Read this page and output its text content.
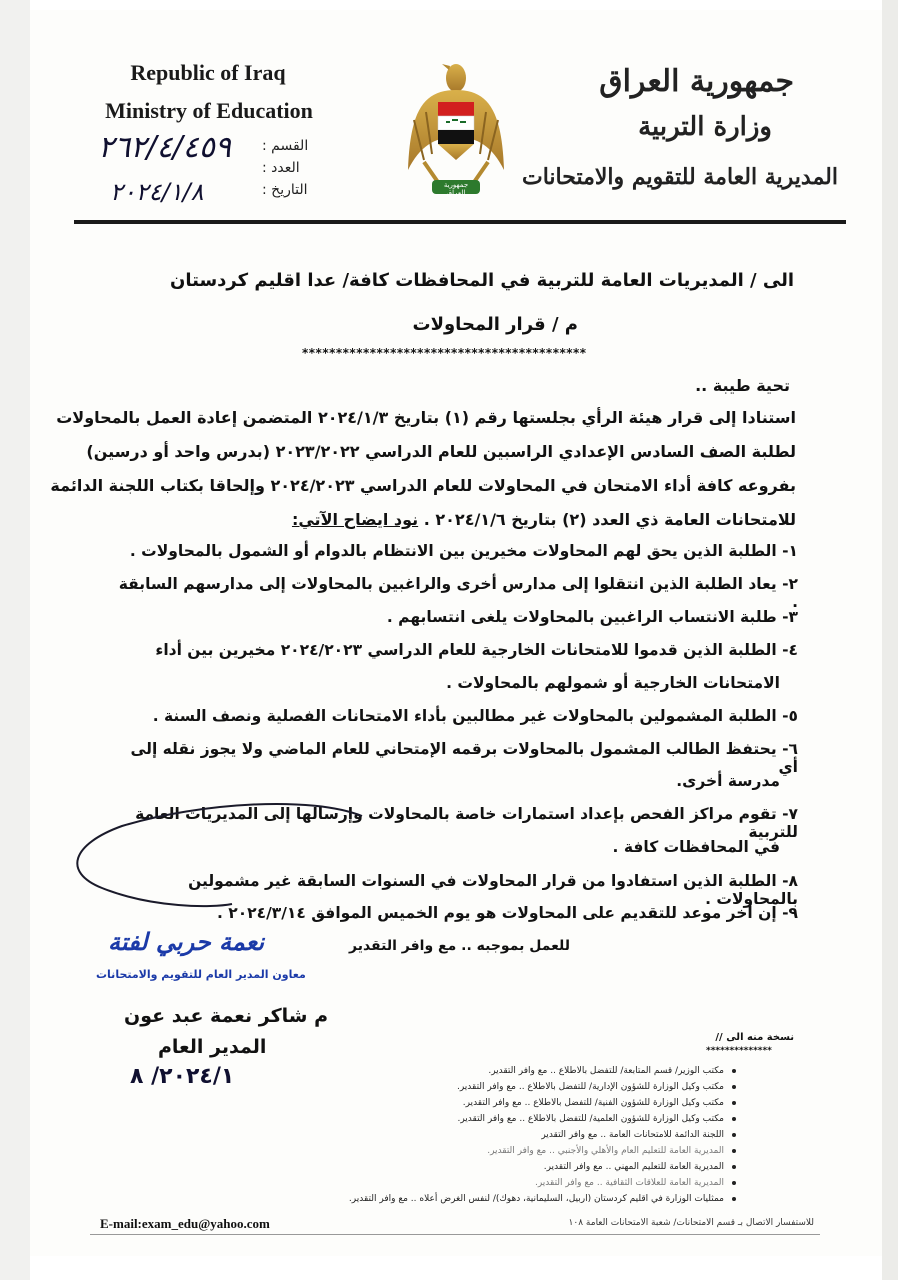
Republic of Iraq
Ministry of Education
القسم :
العدد :
التاريخ :
٢٦٢/٤/٤٥٩
٢٠٢٤/١/٨	جمهورية العراق
جمهورية العراق
وزارة التربية
المديرية العامة للتقويم والامتحانات
الى / المديريات العامة للتربية في المحافظات كافة/ عدا اقليم كردستان
م / قرار المحاولات
******************************************
تحية طيبة ..
استنادا إلى قرار هيئة الرأي بجلستها رقم (١) بتاريخ ٢٠٢٤/١/٣ المتضمن إعادة العمل بالمحاولات
لطلبة الصف السادس الإعدادي الراسبين للعام الدراسي ٢٠٢٣/٢٠٢٢ (بدرس واحد أو درسين)
بفروعه كافة أداء الامتحان في المحاولات للعام الدراسي ٢٠٢٤/٢٠٢٣ وإلحاقا بكتاب اللجنة الدائمة
للامتحانات العامة ذي العدد (٢) بتاريخ ٢٠٢٤/١/٦ . نود ايضاح الآتي:
١- الطلبة الذين يحق لهم المحاولات مخيرين بين الانتظام بالدوام أو الشمول بالمحاولات .
٢- يعاد الطلبة الذين انتقلوا إلى مدارس أخرى والراغبين بالمحاولات إلى مدارسهم السابقة .
٣- طلبة الانتساب الراغبين بالمحاولات يلغى انتسابهم .
٤- الطلبة الذين قدموا للامتحانات الخارجية للعام الدراسي ٢٠٢٤/٢٠٢٣ مخيرين بين أداء
الامتحانات الخارجية أو شمولهم بالمحاولات .
٥- الطلبة المشمولين بالمحاولات غير مطالبين بأداء الامتحانات الفصلية ونصف السنة .
٦- يحتفظ الطالب المشمول بالمحاولات برقمه الإمتحاني للعام الماضي ولا يجوز نقله إلى أي
مدرسة أخرى.
٧- تقوم مراكز الفحص بإعداد استمارات خاصة بالمحاولات وإرسالها إلى المديريات العامة للتربية
في المحافظات كافة .
٨- الطلبة الذين استفادوا من قرار المحاولات في السنوات السابقة غير مشمولين بالمحاولات .
٩- إن اخر موعد للتقديم على المحاولات هو يوم الخميس الموافق ٢٠٢٤/٣/١٤ .
للعمل بموجبه .. مع وافر التقدير
نعمة حربي لفتة
معاون المدير العام للتقويم والامتحانات
م شاكر نعمة عبد عون
المدير العام
٢٠٢٤/١/ ٨
نسخة منه الى //
**************
مكتب الوزير/ قسم المتابعة/ للتفضل بالاطلاع .. مع وافر التقدير.
مكتب وكيل الوزارة للشؤون الإدارية/ للتفضل بالاطلاع .. مع وافر التقدير.
مكتب وكيل الوزارة للشؤون الفنية/ للتفضل بالاطلاع .. مع وافر التقدير.
مكتب وكيل الوزارة للشؤون العلمية/ للتفضل بالاطلاع .. مع وافر التقدير.
اللجنة الدائمة للامتحانات العامة .. مع وافر التقدير
المديرية العامة للتعليم العام والأهلي والأجنبي .. مع وافر التقدير.
المديرية العامة للتعليم المهني .. مع وافر التقدير.
المديرية العامة للعلاقات الثقافية .. مع وافر التقدير.
ممثليات الوزارة في اقليم كردستان (اربيل، السليمانية، دهوك)/ لنفس الغرض أعلاه .. مع وافر التقدير.
E-mail:exam_edu@yahoo.com	للاستفسار الاتصال بـ قسم الامتحانات/ شعبة الامتحانات العامة ١٠٨
